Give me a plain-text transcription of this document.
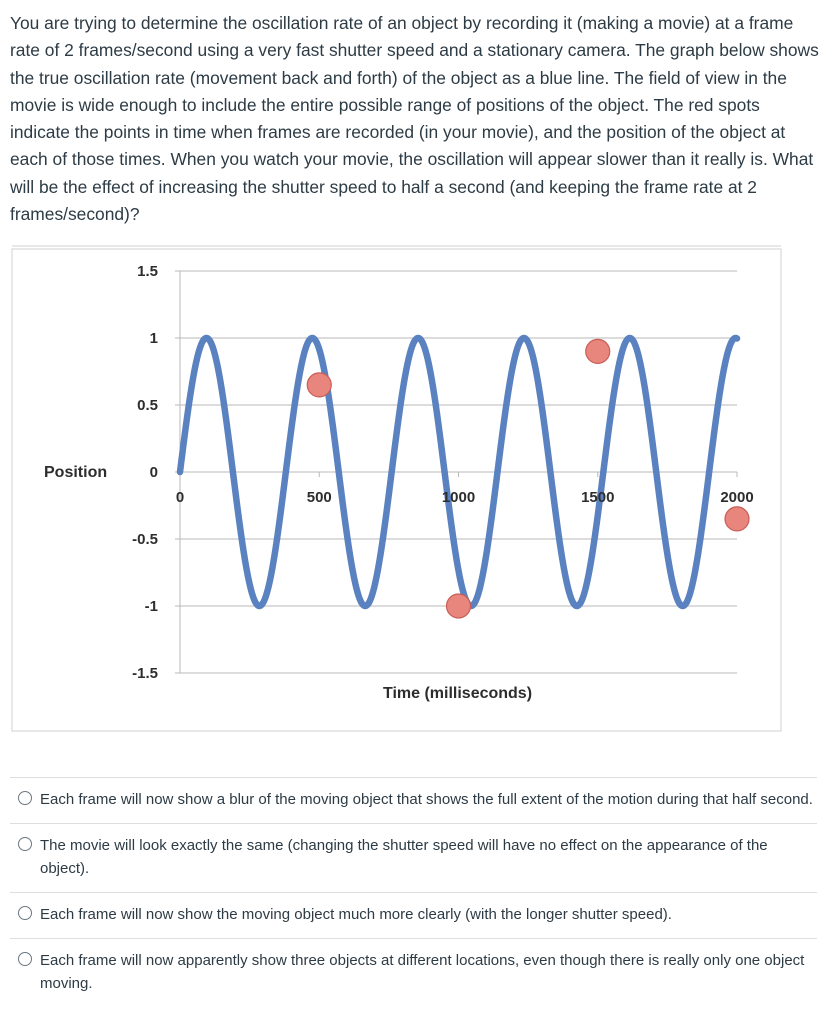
You are trying to determine the oscillation rate of an object by recording it (making a movie) at a frame rate of 2 frames/second using a very fast shutter speed and a stationary camera. The graph below shows the true oscillation rate (movement back and forth) of the object as a blue line. The field of view in the movie is wide enough to include the entire possible range of positions of the object. The red spots indicate the points in time when frames are recorded (in your movie), and the position of the object at each of those times. When you watch your movie, the oscillation will appear slower than it really is. What will be the effect of increasing the shutter speed to half a second (and keeping the frame rate at 2 frames/second)?

1.5
1
0.5
0
-0.5
-1
-1.5
0	500	1000	1500	2000
Position
Time (milliseconds)
Each frame will now show a blur of the moving object that shows the full extent of the motion during that half second.
The movie will look exactly the same (changing the shutter speed will have no effect on the appearance of the object).
Each frame will now show the moving object much more clearly (with the longer shutter speed).
Each frame will now apparently show three objects at different locations, even though there is really only one object moving.
